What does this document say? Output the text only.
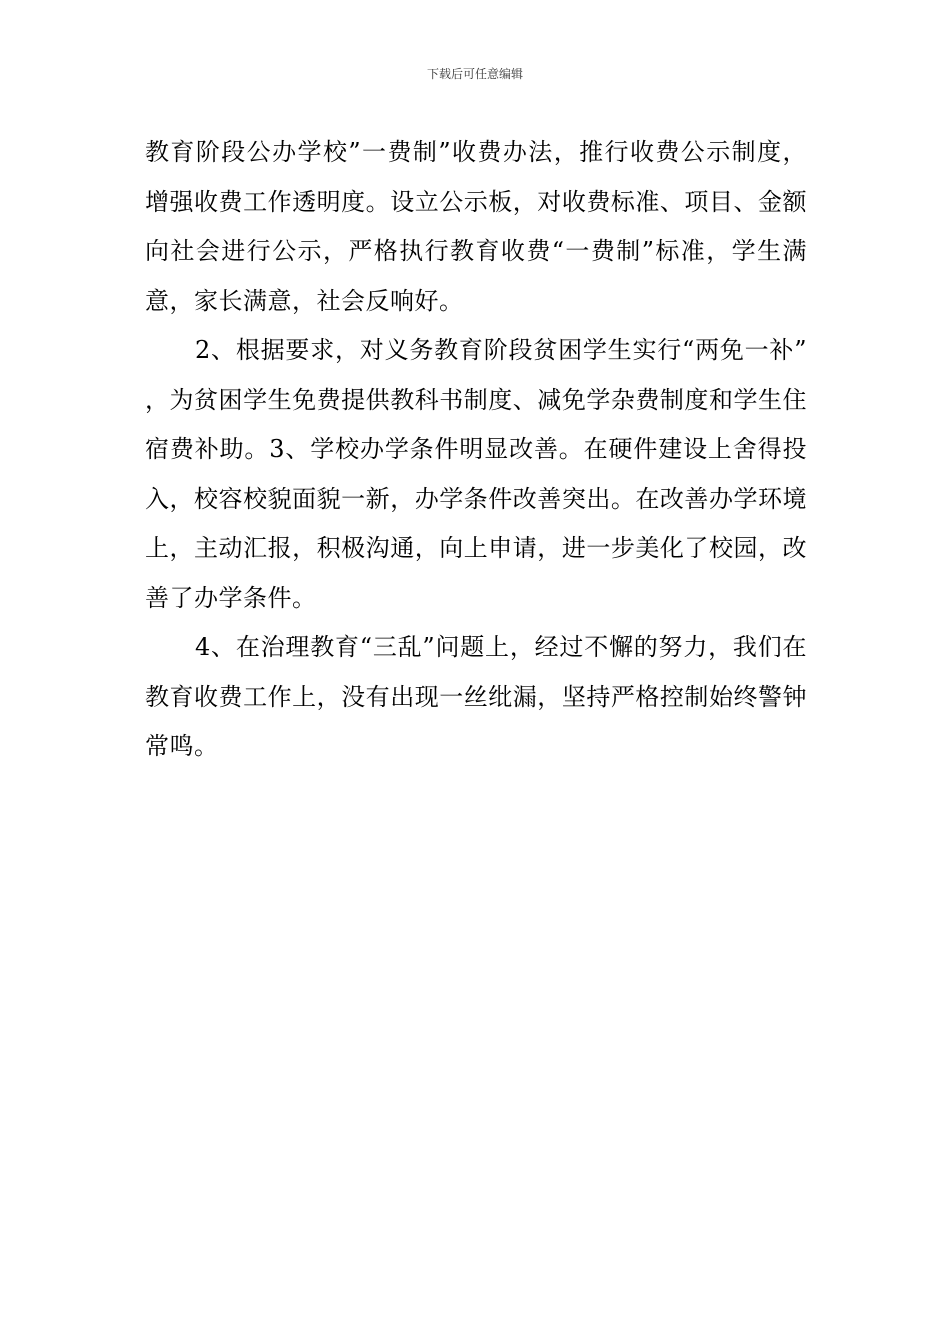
下载后可任意编辑

教育阶段公办学校”一费制”收费办法，推行收费公示制度，增强收费工作透明度。设立公示板，对收费标准、项目、金额向社会进行公示，严格执行教育收费“一费制”标准，学生满意，家长满意，社会反响好。

2、根据要求，对义务教育阶段贫困学生实行“两免一补” ，为贫困学生免费提供教科书制度、减免学杂费制度和学生住宿费补助。3、学校办学条件明显改善。在硬件建设上舍得投入，校容校貌面貌一新，办学条件改善突出。在改善办学环境上，主动汇报，积极沟通，向上申请，进一步美化了校园，改善了办学条件。

4、在治理教育“三乱”问题上，经过不懈的努力，我们在教育收费工作上，没有出现一丝纰漏，坚持严格控制始终警钟常鸣。
